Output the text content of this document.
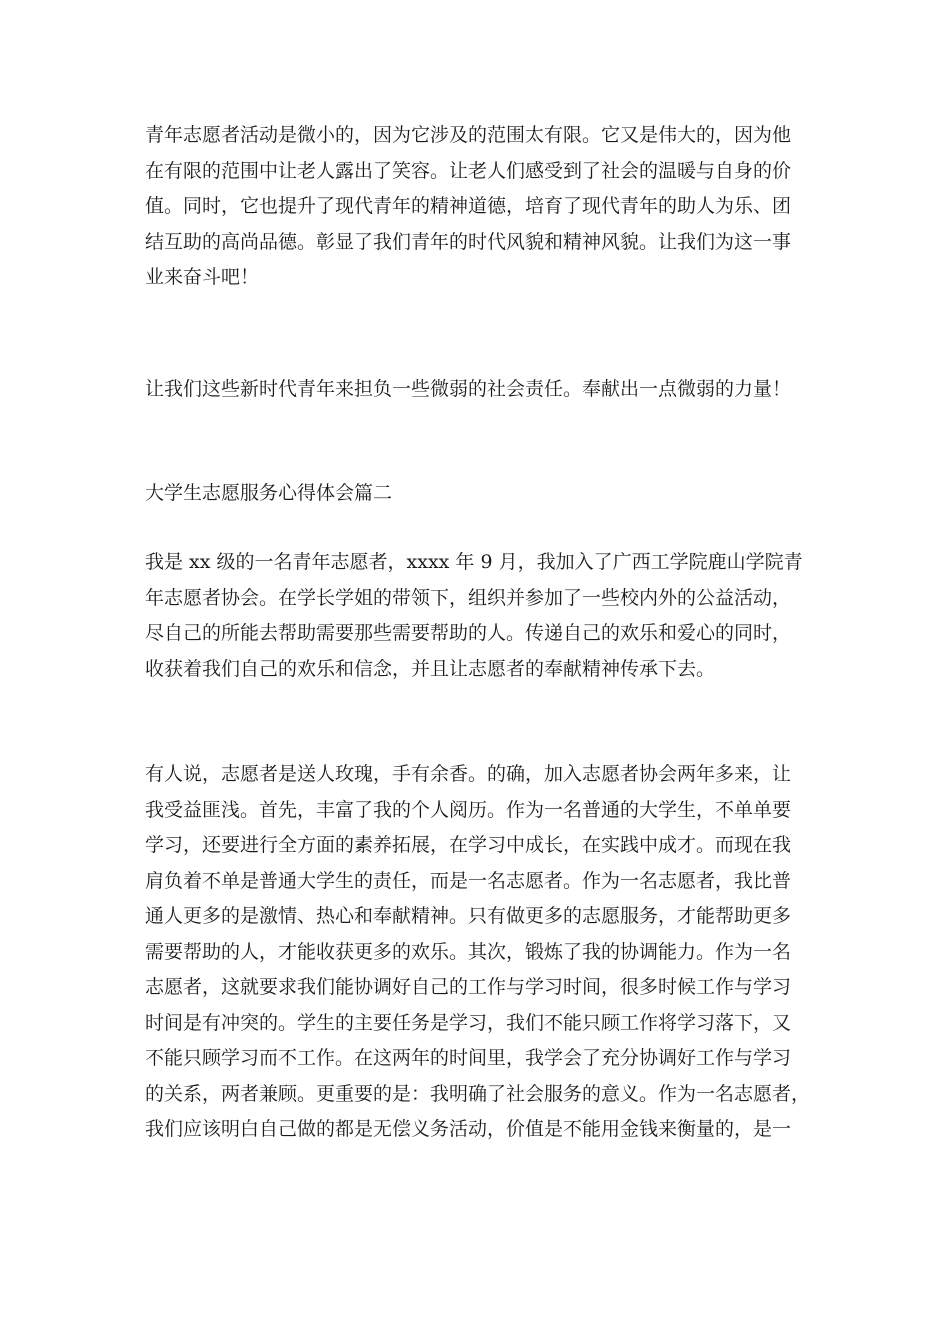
青年志愿者活动是微小的，因为它涉及的范围太有限。它又是伟大的，因为他
在有限的范围中让老人露出了笑容。让老人们感受到了社会的温暖与自身的价
值。同时，它也提升了现代青年的精神道德，培育了现代青年的助人为乐、团
结互助的高尚品德。彰显了我们青年的时代风貌和精神风貌。让我们为这一事
业来奋斗吧！
让我们这些新时代青年来担负一些微弱的社会责任。奉献出一点微弱的力量！
大学生志愿服务心得体会篇二
我是 xx 级的一名青年志愿者，xxxx 年 9 月，我加入了广西工学院鹿山学院青
年志愿者协会。在学长学姐的带领下，组织并参加了一些校内外的公益活动，
尽自己的所能去帮助需要那些需要帮助的人。传递自己的欢乐和爱心的同时，
收获着我们自己的欢乐和信念，并且让志愿者的奉献精神传承下去。
有人说，志愿者是送人玫瑰，手有余香。的确，加入志愿者协会两年多来，让
我受益匪浅。首先，丰富了我的个人阅历。作为一名普通的大学生，不单单要
学习，还要进行全方面的素养拓展，在学习中成长，在实践中成才。而现在我
肩负着不单是普通大学生的责任，而是一名志愿者。作为一名志愿者，我比普
通人更多的是激情、热心和奉献精神。只有做更多的志愿服务，才能帮助更多
需要帮助的人，才能收获更多的欢乐。其次，锻炼了我的协调能力。作为一名
志愿者，这就要求我们能协调好自己的工作与学习时间，很多时候工作与学习
时间是有冲突的。学生的主要任务是学习，我们不能只顾工作将学习落下，又
不能只顾学习而不工作。在这两年的时间里，我学会了充分协调好工作与学习
的关系，两者兼顾。更重要的是：我明确了社会服务的意义。作为一名志愿者，
我们应该明白自己做的都是无偿义务活动，价值是不能用金钱来衡量的，是一
